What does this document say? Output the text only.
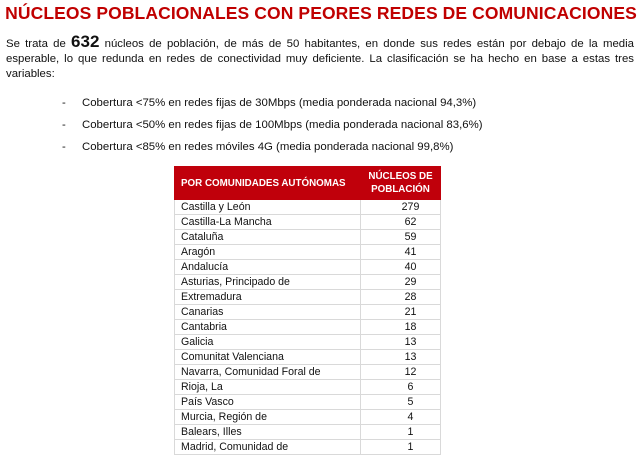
NÚCLEOS POBLACIONALES CON PEORES REDES DE COMUNICACIONES
Se trata de 632 núcleos de población, de más de 50 habitantes, en donde sus redes están por debajo de la media esperable, lo que redunda en redes de conectividad muy deficiente. La clasificación se ha hecho en base a estas tres variables:
- Cobertura <75% en redes fijas de 30Mbps (media ponderada nacional 94,3%)
- Cobertura <50% en redes fijas de 100Mbps (media ponderada nacional 83,6%)
- Cobertura <85% en redes móviles 4G (media ponderada nacional 99,8%)
POR COMUNIDADES AUTÓNOMAS	NÚCLEOS DE
POBLACIÓN
Castilla y León	279
Castilla-La Mancha	62
Cataluña	59
Aragón	41
Andalucía	40
Asturias, Principado de	29
Extremadura	28
Canarias	21
Cantabria	18
Galicia	13
Comunitat Valenciana	13
Navarra, Comunidad Foral de	12
Rioja, La	6
País Vasco	5
Murcia, Región de	4
Balears, Illes	1
Madrid, Comunidad de	1
